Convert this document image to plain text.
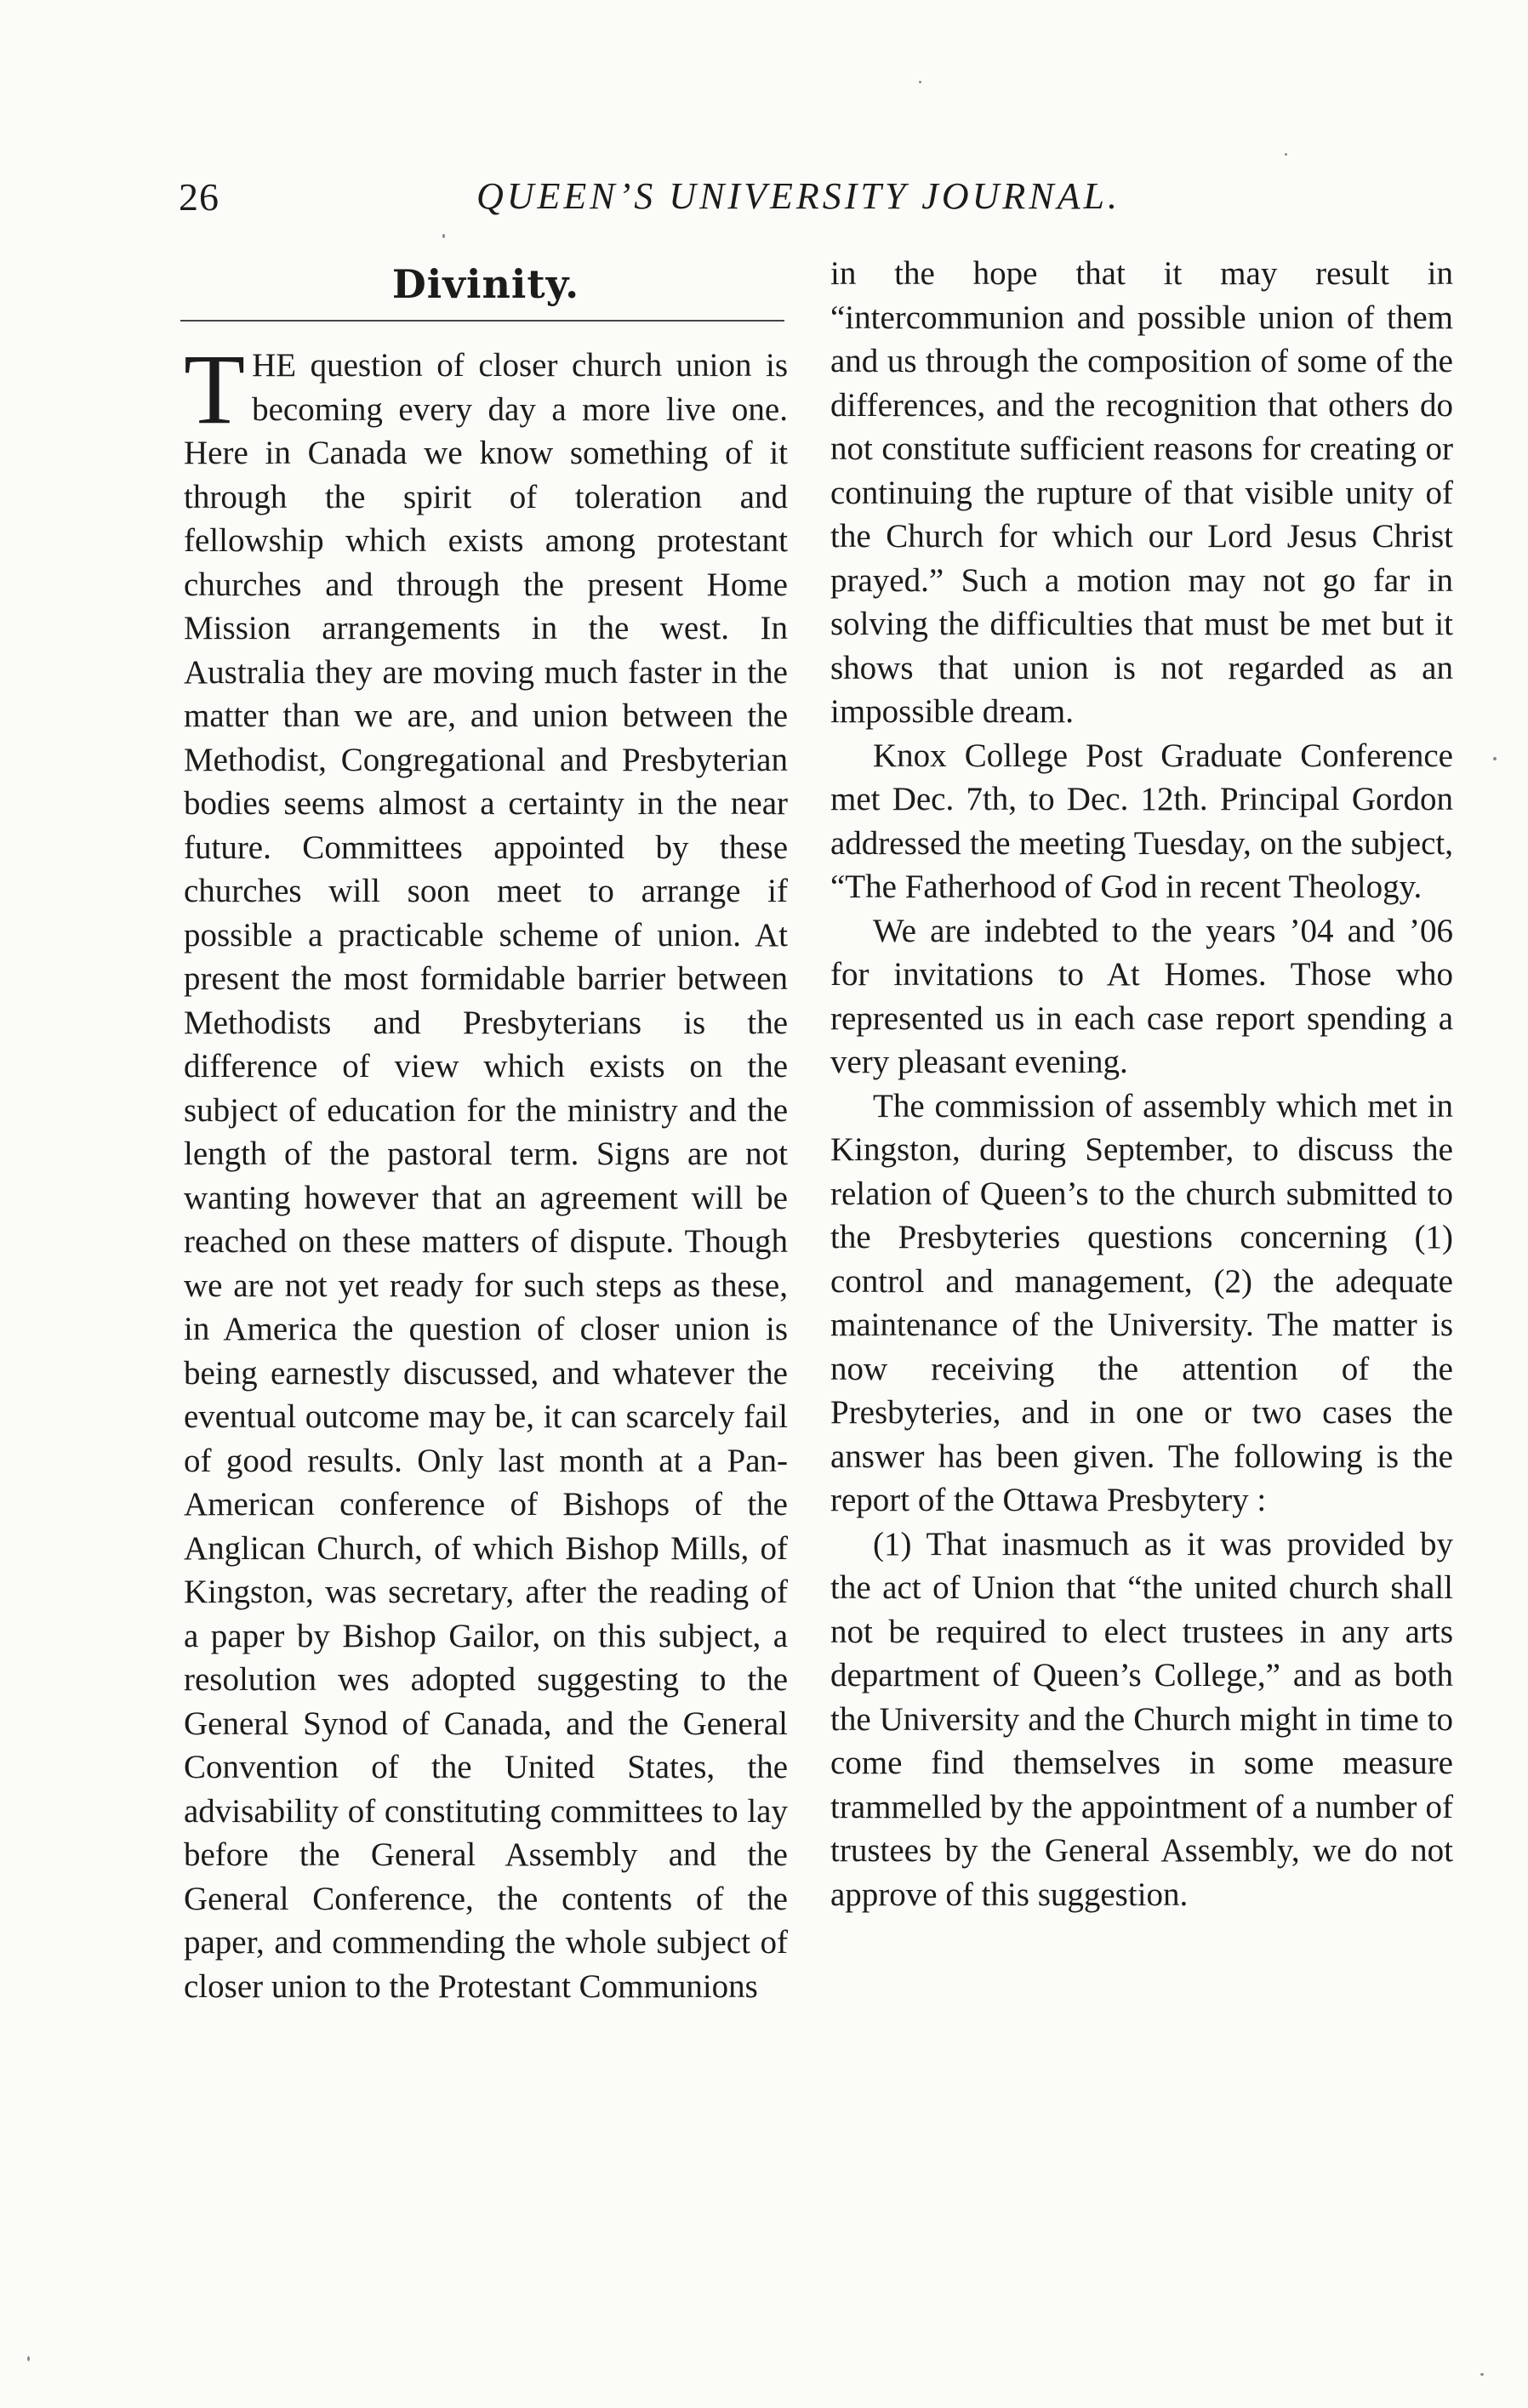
26	QUEEN’S UNIVERSITY JOURNAL.
Divinity.

THE question of closer church union is becoming every day a more live one. Here in Canada we know something of it through the spirit of toleration and fellowship which exists among protestant churches and through the present Home Mission arrangements in the west. In Australia they are moving much faster in the matter than we are, and union between the Methodist, Congregational and Presbyterian bodies seems almost a certainty in the near future. Committees appointed by these churches will soon meet to arrange if possible a practicable scheme of union. At present the most formidable barrier between Methodists and Presbyterians is the difference of view which exists on the subject of education for the ministry and the length of the pastoral term. Signs are not wanting however that an agreement will be reached on these matters of dispute. Though we are not yet ready for such steps as these, in America the question of closer union is being earnestly discussed, and whatever the eventual outcome may be, it can scarcely fail of good results. Only last month at a Pan-American conference of Bishops of the Anglican Church, of which Bishop Mills, of Kingston, was secretary, after the reading of a paper by Bishop Gailor, on this subject, a resolution wes adopted suggesting to the General Synod of Canada, and the General Convention of the United States, the advisability of constituting committees to lay before the General Assembly and the General Conference, the contents of the paper, and commending the whole subject of closer union to the Protestant Communions

in the hope that it may result in “intercommunion and possible union of them and us through the composition of some of the differences, and the recognition that others do not constitute sufficient reasons for creating or continuing the rupture of that visible unity of the Church for which our Lord Jesus Christ prayed.” Such a motion may not go far in solving the difficulties that must be met but it shows that union is not regarded as an impossible dream.

Knox College Post Graduate Conference met Dec. 7th, to Dec. 12th. Principal Gordon addressed the meeting Tuesday, on the subject, “The Fatherhood of God in recent Theology.

We are indebted to the years ’04 and ’06 for invitations to At Homes. Those who represented us in each case report spending a very pleasant evening.

The commission of assembly which met in Kingston, during September, to discuss the relation of Queen’s to the church submitted to the Presbyteries questions concerning (1) control and management, (2) the adequate maintenance of the University. The matter is now receiving the attention of the Presbyteries, and in one or two cases the answer has been given. The following is the report of the Ottawa Presbytery :

(1) That inasmuch as it was provided by the act of Union that “the united church shall not be required to elect trustees in any arts department of Queen’s College,” and as both the University and the Church might in time to come find themselves in some measure trammelled by the appointment of a number of trustees by the General Assembly, we do not approve of this suggestion.
